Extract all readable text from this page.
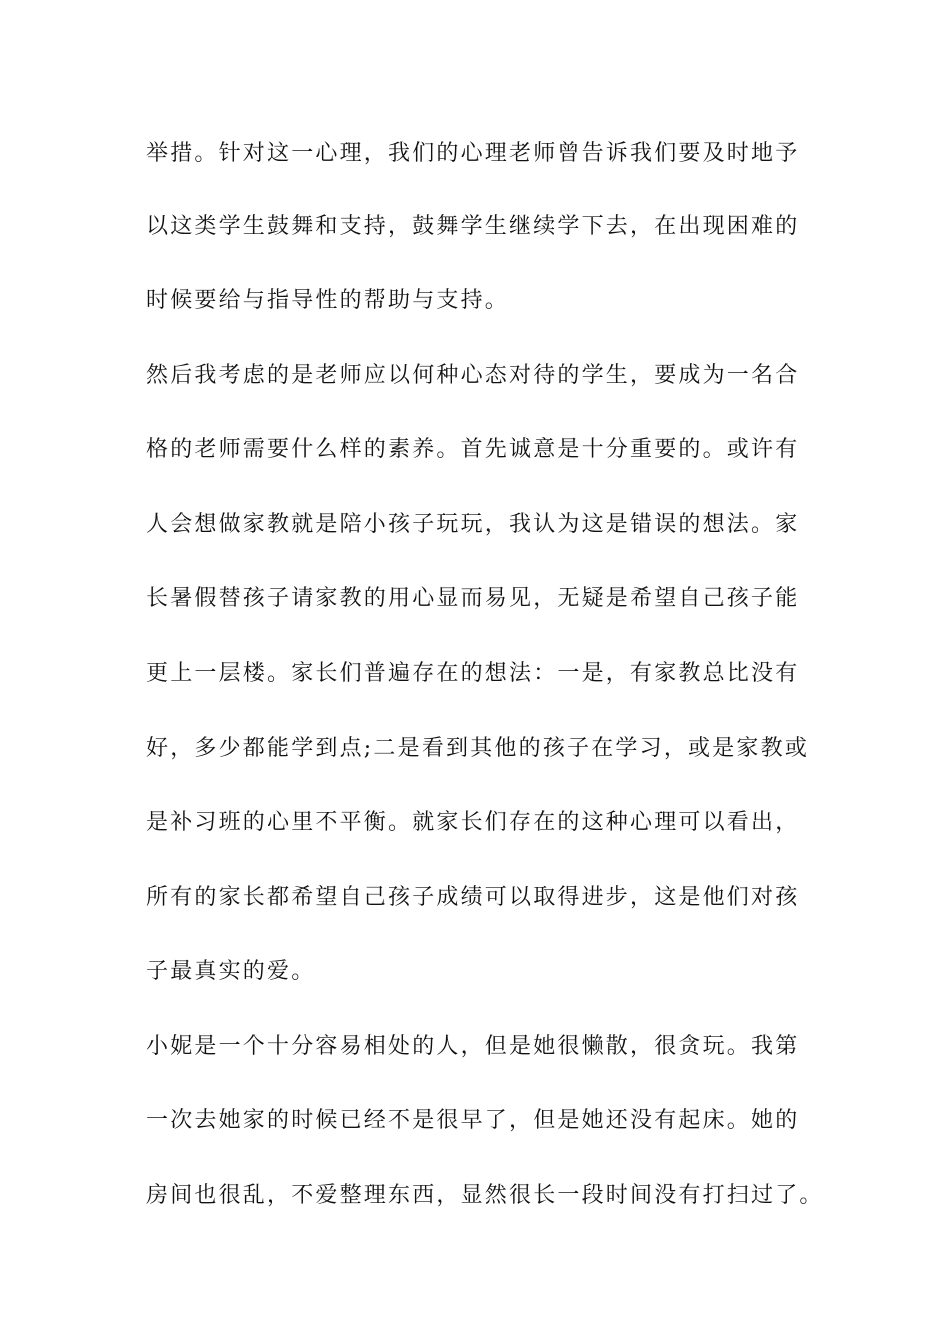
举措。针对这一心理，我们的心理老师曾告诉我们要及时地予
以这类学生鼓舞和支持，鼓舞学生继续学下去，在出现困难的
时候要给与指导性的帮助与支持。
然后我考虑的是老师应以何种心态对待的学生，要成为一名合
格的老师需要什么样的素养。首先诚意是十分重要的。或许有
人会想做家教就是陪小孩子玩玩，我认为这是错误的想法。家
长暑假替孩子请家教的用心显而易见，无疑是希望自己孩子能
更上一层楼。家长们普遍存在的想法：一是，有家教总比没有
好，多少都能学到点;二是看到其他的孩子在学习，或是家教或
是补习班的心里不平衡。就家长们存在的这种心理可以看出，
所有的家长都希望自己孩子成绩可以取得进步，这是他们对孩
子最真实的爱。
小妮是一个十分容易相处的人，但是她很懒散，很贪玩。我第
一次去她家的时候已经不是很早了，但是她还没有起床。她的
房间也很乱，不爱整理东西，显然很长一段时间没有打扫过了。
